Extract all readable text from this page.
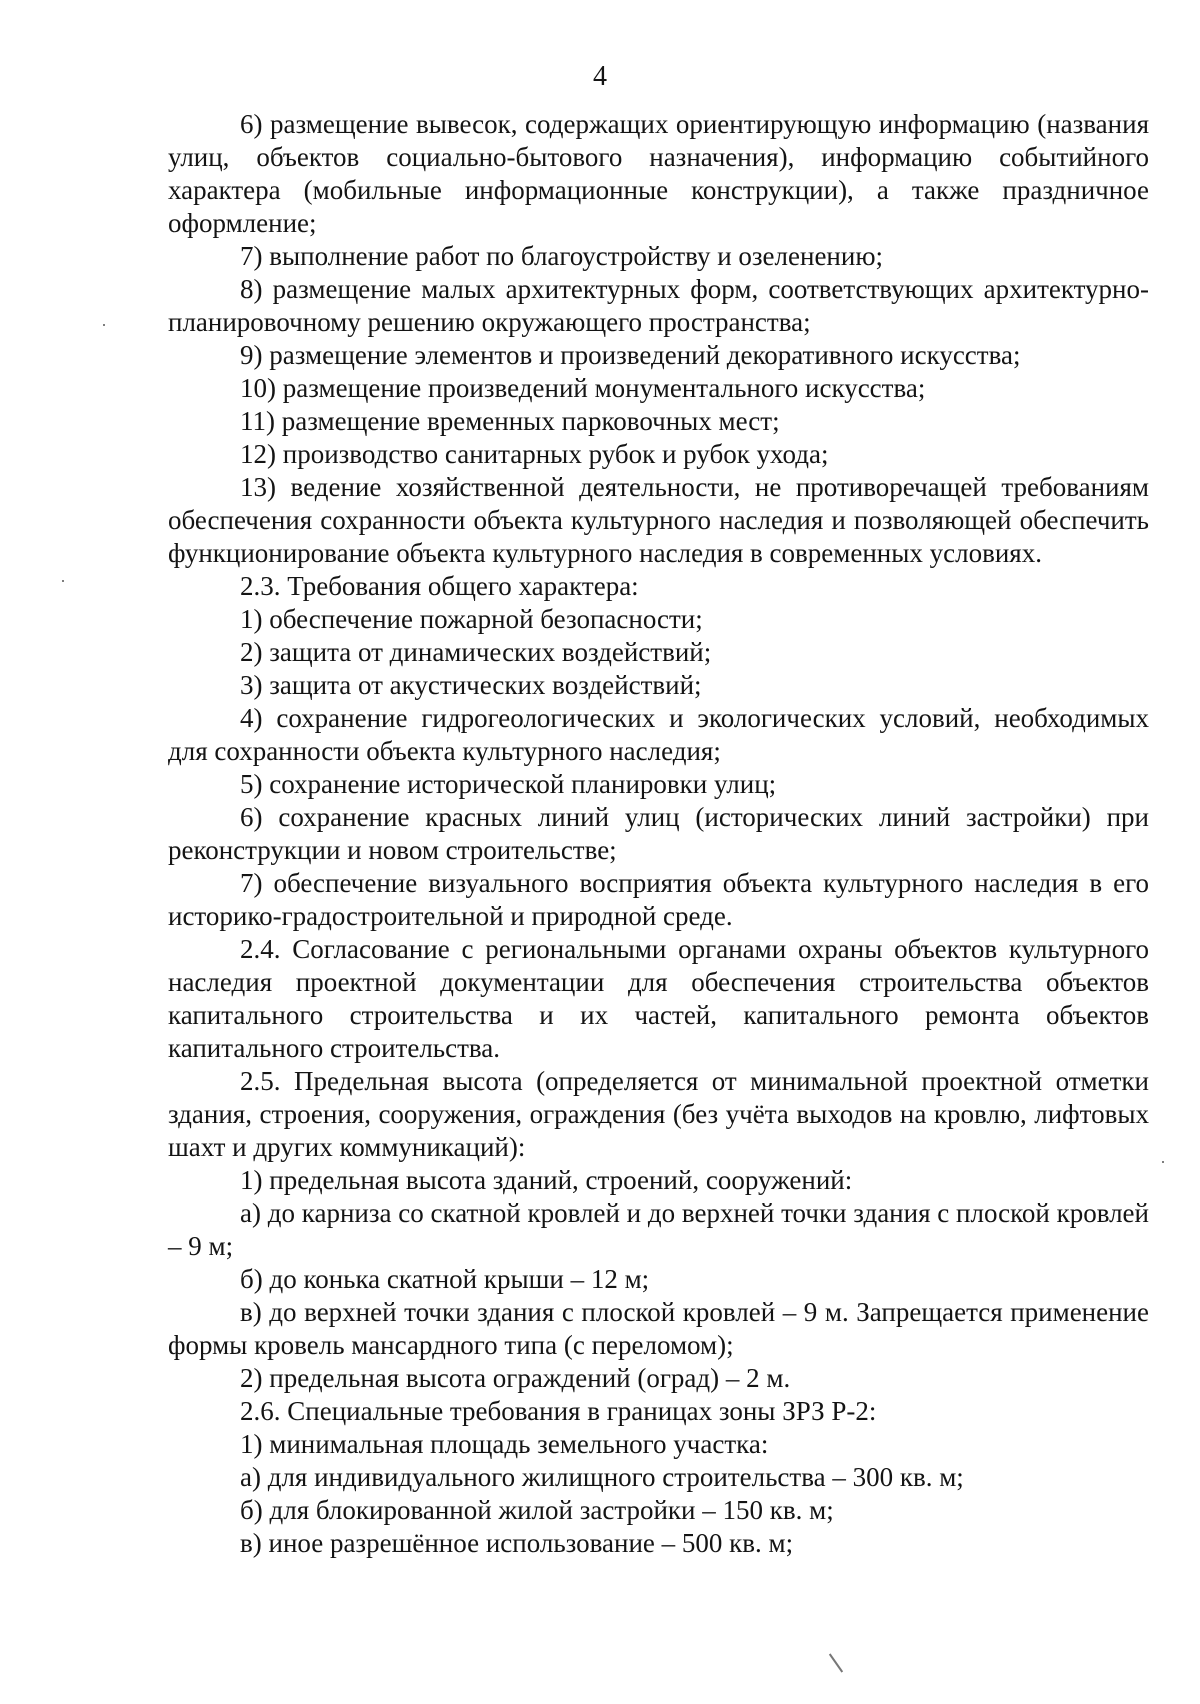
4

6) размещение вывесок, содержащих ориентирующую информацию (названия улиц, объектов социально-бытового назначения), информацию событийного характера (мобильные информационные конструкции), а также праздничное оформление;

7) выполнение работ по благоустройству и озеленению;

8) размещение малых архитектурных форм, соответствующих архитектурно-планировочному решению окружающего пространства;

9) размещение элементов и произведений декоративного искусства;

10) размещение произведений монументального искусства;

11) размещение временных парковочных мест;

12) производство санитарных рубок и рубок ухода;

13) ведение хозяйственной деятельности, не противоречащей требованиям обеспечения сохранности объекта культурного наследия и позволяющей обеспечить функционирование объекта культурного наследия в современных условиях.

2.3. Требования общего характера:

1) обеспечение пожарной безопасности;

2) защита от динамических воздействий;

3) защита от акустических воздействий;

4) сохранение гидрогеологических и экологических условий, необходимых для сохранности объекта культурного наследия;

5) сохранение исторической планировки улиц;

6) сохранение красных линий улиц (исторических линий застройки) при реконструкции и новом строительстве;

7) обеспечение визуального восприятия объекта культурного наследия в его историко-градостроительной и природной среде.

2.4. Согласование с региональными органами охраны объектов культурного наследия проектной документации для обеспечения строительства объектов капитального строительства и их частей, капитального ремонта объектов капитального строительства.

2.5. Предельная высота (определяется от минимальной проектной отметки здания, строения, сооружения, ограждения (без учёта выходов на кровлю, лифтовых шахт и других коммуникаций):

1) предельная высота зданий, строений, сооружений:

а) до карниза со скатной кровлей и до верхней точки здания с плоской кровлей – 9 м;

б) до конька скатной крыши – 12 м;

в) до верхней точки здания с плоской кровлей – 9 м. Запрещается применение формы кровель мансардного типа (с переломом);

2) предельная высота ограждений (оград) – 2 м.

2.6. Специальные требования в границах зоны ЗРЗ Р-2:

1) минимальная площадь земельного участка:

а) для индивидуального жилищного строительства – 300 кв. м;

б) для блокированной жилой застройки – 150 кв. м;

в) иное разрешённое использование – 500 кв. м;
